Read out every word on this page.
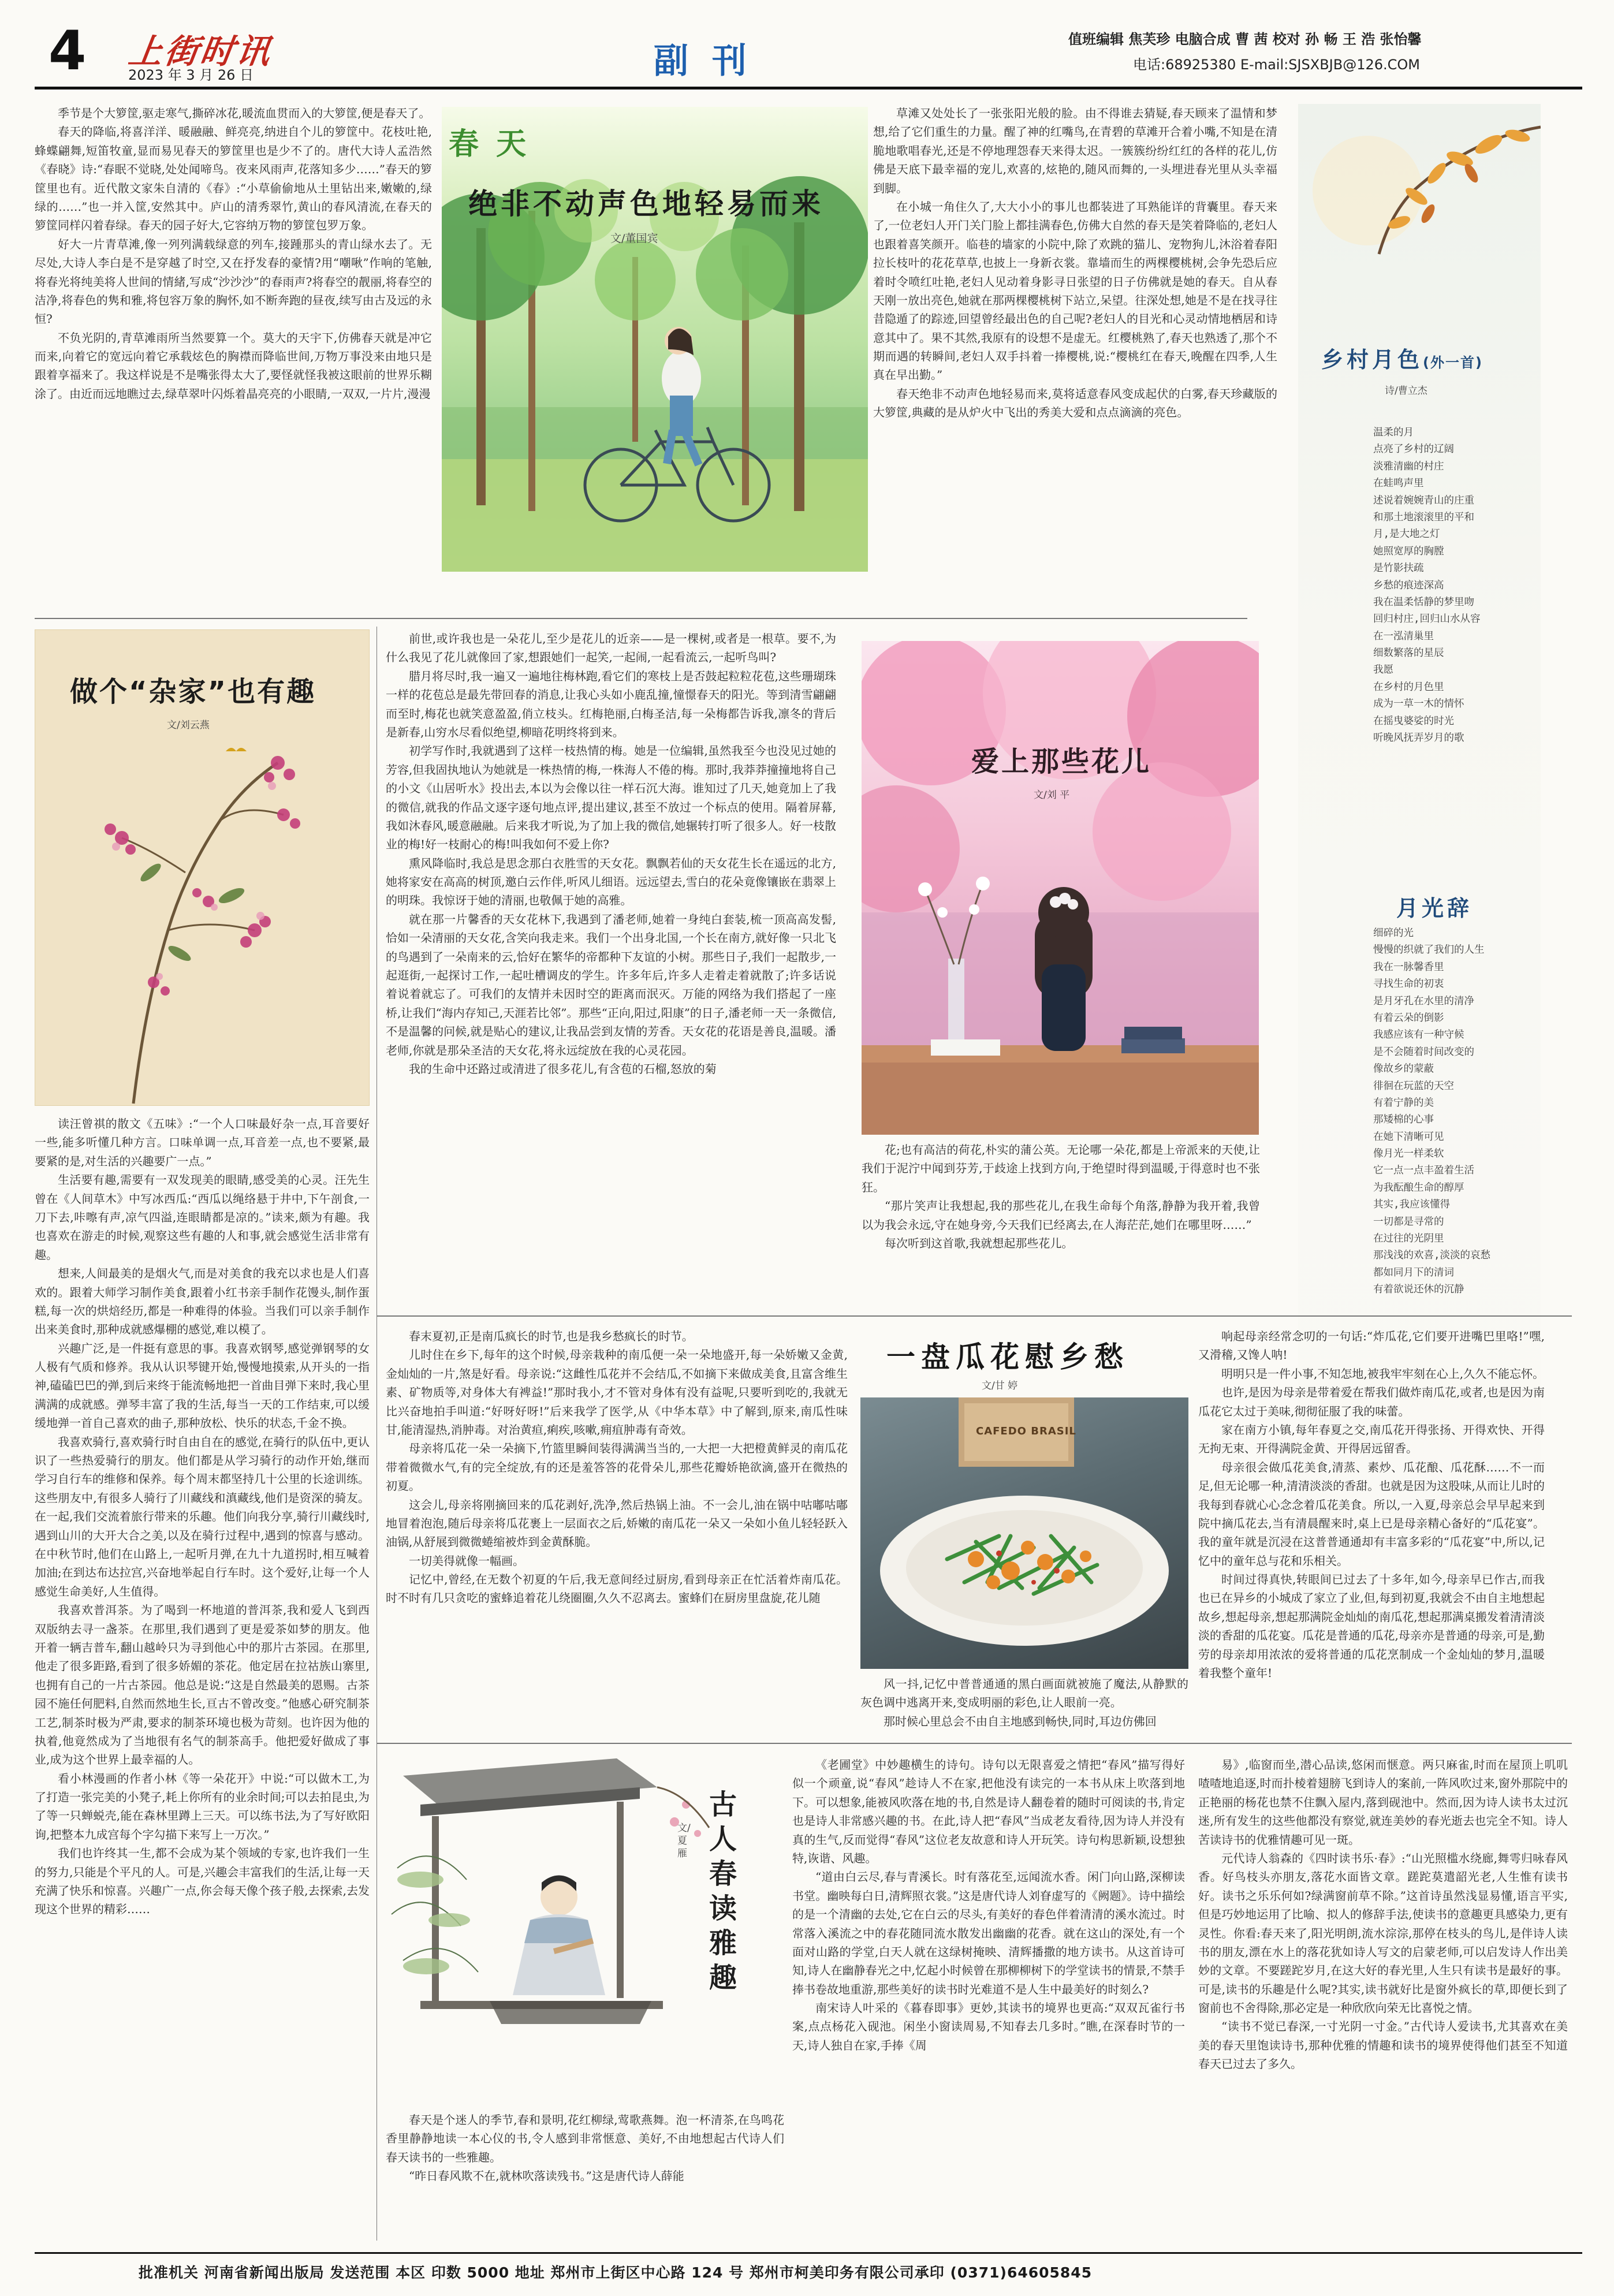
4 上街时讯
2023 年 3 月 26 日	副 刊
值班编辑 焦芙珍 电脑合成 曹 茜 校对 孙 畅 王 浩 张怡馨
电话:68925380 E-mail:SJSXBJB@126.COM

季节是个大箩筐,驱走寒气,撕碎冰花,暖流血贯而入的大箩筐,便是春天了。

春天的降临,将喜洋洋、暖融融、鲜亮亮,纳进自个儿的箩筐中。花枝吐艳,蜂蝶翩舞,短笛牧童,显而易见春天的箩筐里也是少不了的。唐代大诗人孟浩然《春晓》诗:“春眠不觉晓,处处闻啼鸟。夜来风雨声,花落知多少……”春天的箩筐里也有。近代散文家朱自清的《春》:“小草偷偷地从土里钻出来,嫩嫩的,绿绿的……”也一并入筐,安然其中。庐山的清秀翠竹,黄山的春风清流,在春天的箩筐同样闪着春绿。春天的园子好大,它容纳万物的箩筐包罗万象。

好大一片青草滩,像一列列满载绿意的列车,接踵那头的青山绿水去了。无尽处,大诗人李白是不是穿越了时空,又在抒发春的豪情?用“嘲啾”作响的笔触,将春光将纯美将人世间的情緒,写成“沙沙沙”的春雨声?将春空的靓丽,将春空的洁净,将春色的隽和雅,将包容万象的胸怀,如不断奔跑的昼夜,续写由古及远的永恒?

不负光阴的,青草滩雨所当然要算一个。莫大的天宇下,仿佛春天就是冲它而来,向着它的宽远向着它承载炫色的胸襟而降临世间,万物万事没来由地只是跟着享福来了。我这样说是不是嘴张得太大了,要怪就怪我被这眼前的世界乐糊涂了。由近而远地瞧过去,绿草翠叶闪烁着晶亮亮的小眼睛,一双双,一片片,漫漫

春 天
绝非不动声色地轻易而来
文/董国宾

草滩又处处长了一张张阳光般的脸。由不得谁去猜疑,春天顾来了温情和梦想,给了它们重生的力量。醒了神的红嘴鸟,在青碧的草滩开合着小嘴,不知是在清脆地歌唱春光,还是不停地理怨春天来得太迟。一簇簇纷纷红红的各样的花儿,仿佛是天底下最幸福的宠儿,欢喜的,炫艳的,随风而舞的,一头埋进春光里从头幸福到脚。

在小城一角住久了,大大小小的事儿也都装进了耳熟能详的背囊里。春天来了,一位老妇人开门关门脸上都挂满春色,仿佛大自然的春天是笑着降临的,老妇人也跟着喜笑颜开。临巷的墙家的小院中,除了欢跳的猫儿、宠物狗儿,沐浴着春阳拉长枝叶的花花草草,也披上一身新衣裳。靠墙而生的两棵樱桃树,会争先恐后应着时令喷红吐艳,老妇人见动着身影寻日张望的日子仿佛就是她的春天。自从春天刚一放出亮色,她就在那两棵樱桃树下站立,呆望。往深处想,她是不是在找寻往昔隐遁了的踪迹,回望曾经最出色的自己呢?老妇人的目光和心灵动情地栖居和诗意其中了。果不其然,我原有的设想不是虚无。红樱桃熟了,春天也熟透了,那个不期而遇的转瞬间,老妇人双手抖着一捧樱桃,说:“樱桃红在春天,晚醒在四季,人生真在早出勤。”

春天绝非不动声色地轻易而来,莫将适意春风变成起伏的白雾,春天珍藏版的大箩筐,典藏的是从炉火中飞出的秀美大爱和点点滴滴的亮色。

乡村月色(外一首)
诗/曹立杰
温柔的月
点亮了乡村的辽阔
淡雅清幽的村庄
在蛙鸣声里
述说着婉婉青山的庄重
和那土地滚滚里的平和
月,是大地之灯
她照宽厚的胸膛
是竹影扶疏
乡愁的痕迹深高
我在温柔恬静的梦里吻
回归村庄,回归山水从容
在一泓清巢里
细数繁落的星辰
我愿
在乡村的月色里
成为一草一木的情怀
在摇曳婆娑的时光
听晚风抚弄岁月的歌
月光辞
细碎的光
慢慢的织就了我们的人生
我在一脉馨香里
寻找生命的初衷
是月牙孔在水里的清净
有着云朵的倒影
我感应该有一种守候
是不会随着时间改变的
像故乡的蒙蔽
徘徊在玩蓝的天空
有着宁静的美
那矮棉的心事
在她下清晰可见
像月光一样柔软
它一点一点丰盈着生活
为我酝酿生命的醇厚
其实,我应该懂得
一切都是寻常的
在过往的光阴里
那浅浅的欢喜,淡淡的哀愁
都如同月下的清词
有着欲说还休的沉静
做个“杂家”也有趣
文/刘云燕

读汪曾祺的散文《五味》:“一个人口味最好杂一点,耳音要好一些,能多听懂几种方言。口味单调一点,耳音差一点,也不要紧,最要紧的是,对生活的兴趣要广一点。”

生活要有趣,需要有一双发现美的眼睛,感受美的心灵。汪先生曾在《人间草木》中写冰西瓜:“西瓜以绳络悬于井中,下午剖食,一刀下去,咔嚓有声,凉气四溢,连眼睛都是凉的。”读来,颇为有趣。我也喜欢在游走的时候,观察这些有趣的人和事,就会感觉生活非常有趣。

想来,人间最美的是烟火气,而是对美食的我充以求也是人们喜欢的。跟着大师学习制作美食,跟着小红书亲手制作花馒头,制作蛋糕,每一次的烘焙经历,都是一种难得的体验。当我们可以亲手制作出来美食时,那种成就感爆棚的感觉,难以模了。

兴趣广泛,是一件挺有意思的事。我喜欢钢琴,感觉弹钢琴的女人极有气质和修养。我从认识琴键开始,慢慢地摸索,从开头的一指神,磕磕巴巴的弹,到后来终于能流畅地把一首曲目弹下来时,我心里满满的成就感。弹琴丰富了我的生活,每当一天的工作结束,可以缓缓地弹一首自己喜欢的曲子,那种放松、快乐的状态,千金不换。

我喜欢骑行,喜欢骑行时自由自在的感觉,在骑行的队伍中,更认识了一些热爱骑行的朋友。他们都是从学习骑行的动作开始,继而学习自行车的维修和保养。每个周末都坚持几十公里的长途训练。这些朋友中,有很多人骑行了川藏线和滇藏线,他们是资深的骑友。在一起,我们交流着旅行带来的乐趣。他们向我分享,骑行川藏线时,遇到山川的大开大合之美,以及在骑行过程中,遇到的惊喜与感动。在中秋节时,他们在山路上,一起听月弹,在九十九道拐时,相互喊着加油;在到达布达拉宫,兴奋地举起自行车时。这个爱好,让每一个人感觉生命美好,人生值得。

我喜欢普洱茶。为了喝到一杯地道的普洱茶,我和爱人飞到西双版纳去寻一盏茶。在那里,我们遇到了更是爱茶如梦的朋友。他开着一辆吉普车,翻山越岭只为寻到他心中的那片古茶园。在那里,他走了很多距路,看到了很多娇媚的茶花。他定居在拉祜族山寨里,也拥有自己的一片古茶园。他总是说:“这是自然最美的恩赐。古茶园不施任何肥料,自然而然地生长,亘古不曾改变。”他感心研究制茶工艺,制茶时极为严肃,要求的制茶环境也极为苛刻。也许因为他的执着,他竟然成为了当地很有名气的制茶高手。他把爱好做成了事业,成为这个世界上最幸福的人。

看小林漫画的作者小林《等一朵花开》中说:“可以做木工,为了打造一张完美的小凳子,耗上你所有的业余时间;可以去拍昆虫,为了等一只蝉蜕壳,能在森林里蹲上三天。可以练书法,为了写好欧阳询,把整本九成宫每个字勾描下来写上一万次。”

我们也许终其一生,都不会成为某个领域的专家,也许我们一生的努力,只能是个平凡的人。可是,兴趣会丰富我们的生活,让每一天充满了快乐和惊喜。兴趣广一点,你会每天像个孩子般,去探索,去发现这个世界的精彩……

前世,或许我也是一朵花儿,至少是花儿的近亲——是一棵树,或者是一根草。要不,为什么我见了花儿就像回了家,想跟她们一起笑,一起闹,一起看流云,一起听鸟叫?

腊月将尽时,我一遍又一遍地往梅林跑,看它们的寒枝上是否鼓起粒粒花苞,这些珊瑚珠一样的花苞总是最先带回春的消息,让我心头如小鹿乱撞,憧憬春天的阳光。等到清雪翩翩而至时,梅花也就笑意盈盈,俏立枝头。红梅艳丽,白梅圣洁,每一朵梅都告诉我,凛冬的背后是新春,山穷水尽看似绝望,柳暗花明终将到来。

初学写作时,我就遇到了这样一枝热情的梅。她是一位编辑,虽然我至今也没见过她的芳容,但我固执地认为她就是一株热情的梅,一株海人不倦的梅。那时,我莽莽撞撞地将自己的小文《山居听水》投出去,本以为会像以往一样石沉大海。谁知过了几天,她竟加上了我的微信,就我的作品文逐字逐句地点评,提出建议,甚至不放过一个标点的使用。隔着屏幕,我如沐春风,暖意融融。后来我才听说,为了加上我的微信,她辗转打听了很多人。好一枝散业的梅!好一枝耐心的梅!叫我如何不爱上你?

熏风降临时,我总是思念那白衣胜雪的天女花。飘飘若仙的天女花生长在遥远的北方,她将家安在高高的树顶,邀白云作伴,听风儿细语。远远望去,雪白的花朵竟像镶嵌在翡翠上的明珠。我惊讶于她的清丽,也敬佩于她的高雅。

就在那一片馨香的天女花林下,我遇到了潘老师,她着一身纯白套装,梳一顶高高发髻,恰如一朵清丽的天女花,含笑向我走来。我们一个出身北国,一个长在南方,就好像一只北飞的鸟遇到了一朵南来的云,恰好在繁华的帝都种下友谊的小树。那些日子,我们一起散步,一起逛街,一起探讨工作,一起吐槽调皮的学生。许多年后,许多人走着走着就散了;许多话说着说着就忘了。可我们的友情并未因时空的距离而泯灭。万能的网络为我们搭起了一座桥,让我们“海内存知己,天涯若比邻”。那些“正向,阳过,阳康”的日子,潘老师一天一条微信,不是温馨的问候,就是贴心的建议,让我品尝到友情的芳香。天女花的花语是善良,温暖。潘老师,你就是那朵圣洁的天女花,将永远绽放在我的心灵花园。

我的生命中还路过或清进了很多花儿,有含苞的石榴,怒放的菊

爱上那些花儿
文/刘 平

花;也有高洁的荷花,朴实的蒲公英。无论哪一朵花,都是上帝派来的天使,让我们于泥泞中闻到芬芳,于歧途上找到方向,于绝望时得到温暖,于得意时也不张狂。

“那片笑声让我想起,我的那些花儿,在我生命每个角落,静静为我开着,我曾以为我会永远,守在她身旁,今天我们已经离去,在人海茫茫,她们在哪里呀……”

每次听到这首歌,我就想起那些花儿。

春末夏初,正是南瓜疯长的时节,也是我乡愁疯长的时节。

儿时住在乡下,每年的这个时候,母亲栽种的南瓜便一朵一朵地盛开,每一朵娇嫩又金黄,金灿灿的一片,煞是好看。母亲说:“这雌性瓜花并不会结瓜,不如摘下来做成美食,且富含维生素、矿物质等,对身体大有裨益!”那时我小,才不管对身体有没有益呢,只要听到吃的,我就无比兴奋地拍手叫道:“好呀好呀!”后来我学了医学,从《中华本草》中了解到,原来,南瓜性味甘,能清湿热,消肿毒。对治黄疸,痢疾,咳嗽,痈疽肿毒有奇效。

母亲将瓜花一朵一朵摘下,竹篮里瞬间装得满满当当的,一大把一大把橙黄鲜灵的南瓜花带着微微水气,有的完全绽放,有的还是羞答答的花骨朵儿,那些花瓣娇艳欲滴,盛开在微热的初夏。

这会儿,母亲将刚摘回来的瓜花剥好,洗净,然后热锅上油。不一会儿,油在锅中咕嘟咕嘟地冒着泡泡,随后母亲将瓜花裹上一层面衣之后,娇嫩的南瓜花一朵又一朵如小鱼儿轻轻跃入油锅,从舒展到微微蜷缩被炸到金黄酥脆。

一切美得就像一幅画。

记忆中,曾经,在无数个初夏的午后,我无意间经过厨房,看到母亲正在忙活着炸南瓜花。时不时有几只贪吃的蜜蜂追着花儿绕圈圈,久久不忍离去。蜜蜂们在厨房里盘旋,花儿随

一盘瓜花慰乡愁
文/甘 婷
CAFEDO BRASIL

风一抖,记忆中普普通通的黑白画面就被施了魔法,从静默的灰色调中逃离开来,变成明丽的彩色,让人眼前一亮。

那时候心里总会不由自主地感到畅快,同时,耳边仿佛回

响起母亲经常念叨的一句话:“炸瓜花,它们要开进嘴巴里咯!”嘿,又滑稽,又馋人呐!

明明只是一件小事,不知怎地,被我牢牢刻在心上,久久不能忘怀。

也许,是因为母亲是带着爱在帮我们做炸南瓜花,或者,也是因为南瓜花它太过于美味,彻彻征服了我的味蕾。

家在南方小镇,每年春夏之交,南瓜花开得张扬、开得欢快、开得无拘无束、开得满院金黄、开得居远留香。

母亲很会做瓜花美食,清蒸、素炒、瓜花酿、瓜花酥……不一而足,但无论哪一种,清清淡淡的香甜。也就是因为这股味,从而让儿时的我每到春就心心念念着瓜花美食。所以,一入夏,母亲总会早早起来到院中摘瓜花去,当有清晨醒来时,桌上已是母亲精心备好的“瓜花宴”。我的童年就是沉浸在这普普通通却有丰富多彩的“瓜花宴”中,所以,记忆中的童年总与花和乐相关。

时间过得真快,转眼间已过去了十多年,如今,母亲早已作古,而我也已在异乡的小城成了家立了业,但,每到初夏,我就会不由自主地想起故乡,想起母亲,想起那满院金灿灿的南瓜花,想起那满桌搬发着清清淡淡的香甜的瓜花宴。瓜花是普通的瓜花,母亲亦是普通的母亲,可是,勤劳的母亲却用浓浓的爱将普通的瓜花烹制成一个金灿灿的梦月,温暖着我整个童年!

古人春读雅趣
文/夏雁

春天是个迷人的季节,春和景明,花红柳绿,莺歌燕舞。泡一杯清茶,在鸟鸣花香里静静地读一本心仪的书,令人感到非常惬意、美好,不由地想起古代诗人们春天读书的一些雅趣。

“昨日春风欺不在,就林吹落读残书。”这是唐代诗人薛能

《老圃堂》中妙趣横生的诗句。诗句以无限喜爱之情把“春风”描写得好似一个顽童,说“春风”趁诗人不在家,把他没有读完的一本书从床上吹落到地下。可以想象,能被风吹落在地的书,自然是诗人翻卷着的随时可阅读的书,肯定也是诗人非常感兴趣的书。在此,诗人把“春风”当成老友看待,因为诗人并没有真的生气,反而觉得“春风”这位老友故意和诗人开玩笑。诗句构思新颖,设想独特,诙谐、风趣。

“道由白云尽,春与青溪长。时有落花至,远闻流水香。闲门向山路,深柳读书堂。幽映每白日,清辉照衣裳。”这是唐代诗人刘眘虚写的《阙题》。诗中描绘的是一个清幽的去处,它在白云的尽头,有美好的春色伴着清清的溪水流过。时常落入溪流之中的春花随同流水散发出幽幽的花香。就在这山的深处,有一个面对山路的学堂,白天人就在这绿树掩映、清辉播撒的地方读书。从这首诗可知,诗人在幽静春光之中,忆起小时候曾在那柳柳树下的学堂读书的情景,不禁手捧书卷故地重游,那些美好的读书时光难道不是人生中最美好的时刻么?

南宋诗人叶采的《暮春即事》更妙,其读书的境界也更高:“双双瓦雀行书案,点点杨花入砚池。闲坐小窗读周易,不知春去几多时。”瞧,在深春时节的一天,诗人独自在家,手捧《周

易》,临窗而坐,潜心品读,悠闲而惬意。两只麻雀,时而在屋顶上叽叽喳喳地追逐,时而扑棱着翅膀飞到诗人的案前,一阵风吹过来,窗外那院中的正艳丽的杨花也禁不住飘入屋内,落到砚池中。然而,因为诗人读书太过沉迷,所有发生的这些他都没有察觉,就连美妙的春光逝去也完全不知。诗人苦读诗书的优雅情趣可见一斑。

元代诗人翁森的《四时读书乐·春》:“山光照槛水绕廊,舞雩归咏春风香。好鸟枝头亦朋友,落花水面皆文章。蹉跎莫遣韶光老,人生惟有读书好。读书之乐乐何如?绿满窗前草不除。”这首诗虽然浅显易懂,语言平实,但是巧妙地运用了比喻、拟人的修辞手法,使读书的意趣更具感染力,更有灵性。你看:春天来了,阳光明朗,流水淙淙,那停在枝头的鸟儿,是伴诗人读书的朋友,漂在水上的落花犹如诗人写文的启蒙老师,可以启发诗人作出美妙的文章。不要蹉跎岁月,在这大好的春光里,人生只有读书是最好的事。可是,读书的乐趣是什么呢?其实,读书就好比是窗外疯长的草,即便长到了窗前也不舍得除,那必定是一种欣欣向荣无比喜悦之情。

“读书不觉已春深,一寸光阴一寸金。”古代诗人爱读书,尤其喜欢在美美的春天里饱读诗书,那种优雅的情趣和读书的境界使得他们甚至不知道春天已过去了多久。

批准机关 河南省新闻出版局 发送范围 本区 印数 5000 地址 郑州市上街区中心路 124 号 郑州市柯美印务有限公司承印 (0371)64605845
